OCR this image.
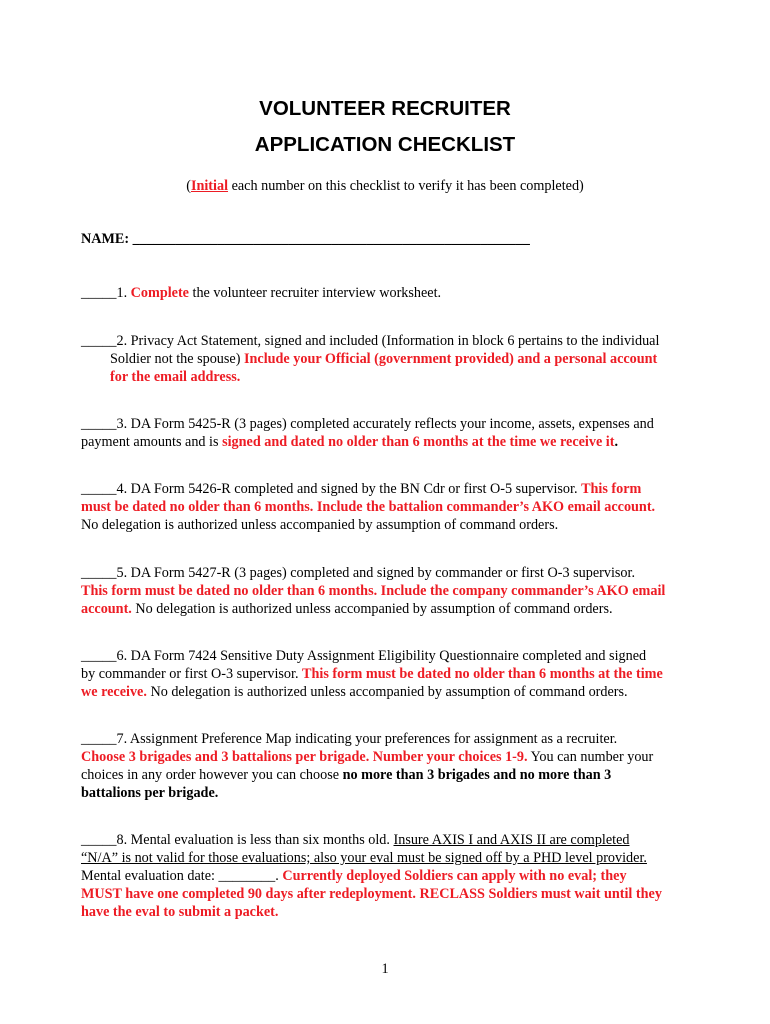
VOLUNTEER RECRUITER
APPLICATION CHECKLIST
(Initial each number on this checklist to verify it has been completed)
NAME: ________________________________________________________
_____1. Complete the volunteer recruiter interview worksheet.
_____2. Privacy Act Statement, signed and included (Information in block 6 pertains to the individual
Soldier not the spouse) Include your Official (government provided) and a personal account
for the email address.
_____3. DA Form 5425-R (3 pages) completed accurately reflects your income, assets, expenses and
payment amounts and is signed and dated no older than 6 months at the time we receive it.
_____4. DA Form 5426-R completed and signed by the BN Cdr or first O-5 supervisor. This form
must be dated no older than 6 months. Include the battalion commander’s AKO email account.
No delegation is authorized unless accompanied by assumption of command orders.
_____5. DA Form 5427-R (3 pages) completed and signed by commander or first O-3 supervisor.
This form must be dated no older than 6 months. Include the company commander’s AKO email
account. No delegation is authorized unless accompanied by assumption of command orders.
_____6. DA Form 7424 Sensitive Duty Assignment Eligibility Questionnaire completed and signed
by commander or first O-3 supervisor. This form must be dated no older than 6 months at the time
we receive. No delegation is authorized unless accompanied by assumption of command orders.
_____7. Assignment Preference Map indicating your preferences for assignment as a recruiter.
Choose 3 brigades and 3 battalions per brigade. Number your choices 1-9. You can number your
choices in any order however you can choose no more than 3 brigades and no more than 3
battalions per brigade.
_____8. Mental evaluation is less than six months old. Insure AXIS I and AXIS II are completed
“N/A” is not valid for those evaluations; also your eval must be signed off by a PHD level provider.
Mental evaluation date: ________. Currently deployed Soldiers can apply with no eval; they
MUST have one completed 90 days after redeployment. RECLASS Soldiers must wait until they
have the eval to submit a packet.
1
